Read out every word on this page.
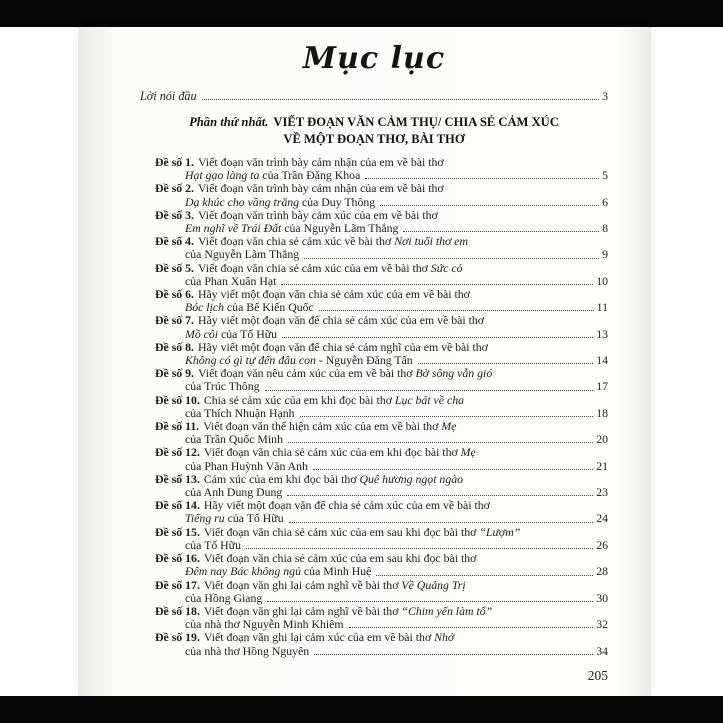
Mục lục
Lời nói đầu	3
Phần thứ nhất. VIẾT ĐOẠN VĂN CẢM THỤ/ CHIA SẺ CẢM XÚC
VỀ MỘT ĐOẠN THƠ, BÀI THƠ
Đề số 1. Viết đoạn văn trình bày cảm nhận của em về bài thơ
Hạt gạo làng ta của Trần Đăng Khoa	5
Đề số 2. Viết đoạn văn trình bày cảm nhận của em về bài thơ
Dạ khúc cho vầng trăng của Duy Thông	6
Đề số 3. Viết đoạn văn trình bày cảm xúc của em về bài thơ
Em nghĩ về Trái Đất của Nguyễn Lãm Thắng	8
Đề số 4. Viết đoạn văn chia sẻ cảm xúc về bài thơ Nơi tuổi thơ em
của Nguyễn Lãm Thắng	9
Đề số 5. Viết đoạn văn chia sẻ cảm xúc của em về bài thơ Sức cỏ
của Phan Xuân Hạt	10
Đề số 6. Hãy viết một đoạn văn chia sẻ cảm xúc của em về bài thơ
Bóc lịch của Bế Kiến Quốc	11
Đề số 7. Hãy viết một đoạn văn để chia sẻ cảm xúc của em về bài thơ
Mồ côi của Tố Hữu	13
Đề số 8. Hãy viết một đoạn văn để chia sẻ cảm nghĩ của em về bài thơ
Không có gì tự đến đâu con - Nguyễn Đăng Tấn	14
Đề số 9. Viết đoạn văn nêu cảm xúc của em về bài thơ Bờ sông vẫn gió
của Trúc Thông	17
Đề số 10. Chia sẻ cảm xúc của em khi đọc bài thơ Lục bát về cha
của Thích Nhuận Hạnh	18
Đề số 11. Viết đoạn văn thể hiện cảm xúc của em về bài thơ Mẹ
của Trần Quốc Minh	20
Đề số 12. Viết đoạn văn chia sẻ cảm xúc của em khi đọc bài thơ Mẹ
của Phan Huỳnh Văn Anh	21
Đề số 13. Cảm xúc của em khi đọc bài thơ Quê hương ngọt ngào
của Anh Dung Dung	23
Đề số 14. Hãy viết một đoạn văn để chia sẻ cảm xúc của em về bài thơ
Tiếng ru của Tố Hữu	24
Đề số 15. Viết đoạn văn chia sẻ cảm xúc của em sau khi đọc bài thơ “Lượm”
của Tố Hữu	26
Đề số 16. Viết đoạn văn chia sẻ cảm xúc của em sau khi đọc bài thơ
Đêm nay Bác không ngủ của Minh Huệ	28
Đề số 17. Viết đoạn văn ghi lại cảm nghĩ về bài thơ Về Quảng Trị
của Hồng Giang	30
Đề số 18. Viết đoạn văn ghi lại cảm nghĩ về bài thơ “Chim yến làm tổ”
của nhà thơ Nguyễn Minh Khiêm	32
Đề số 19. Viết đoạn văn ghi lại cảm xúc của em về bài thơ Nhớ
của nhà thơ Hồng Nguyên	34
205
